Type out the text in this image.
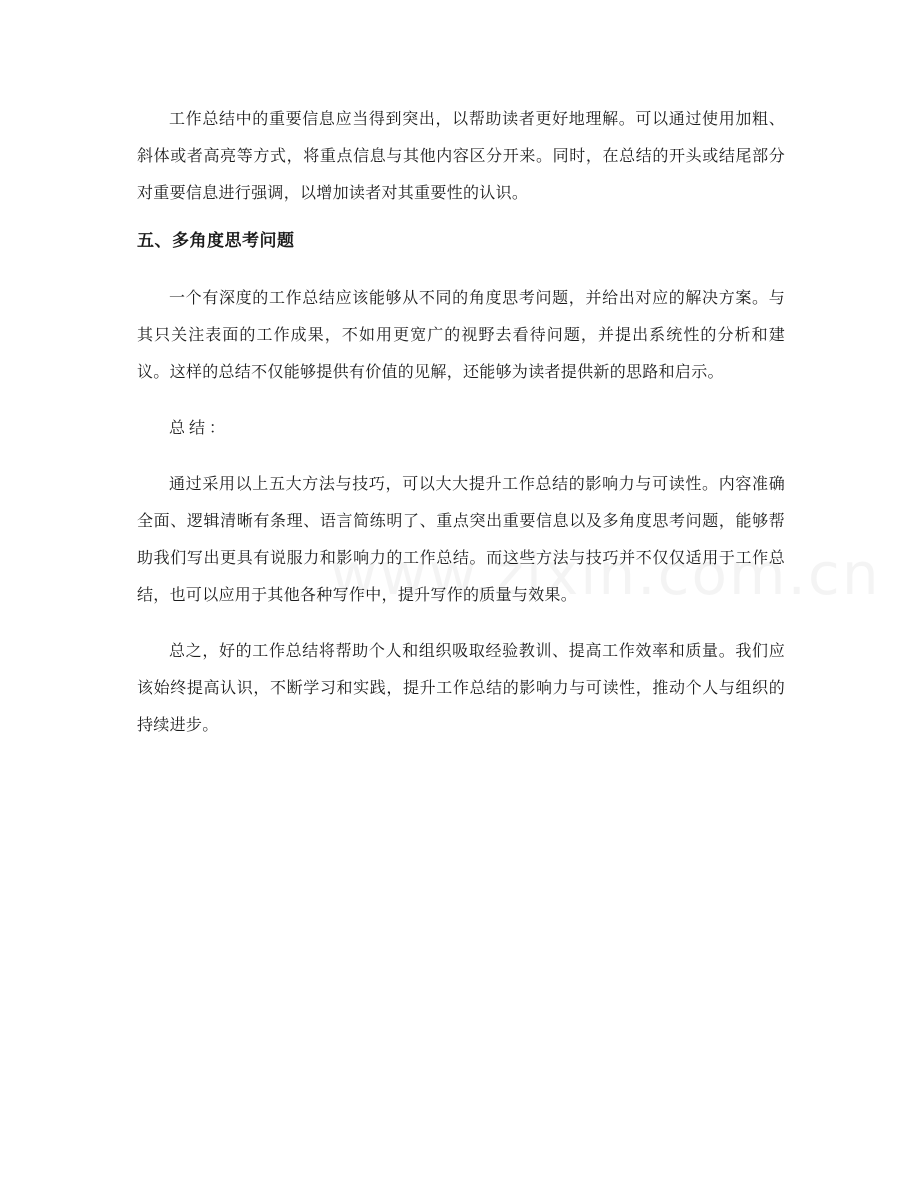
工作总结中的重要信息应当得到突出，以帮助读者更好地理解。可以通过使用加粗、斜体或者高亮等方式，将重点信息与其他内容区分开来。同时，在总结的开头或结尾部分对重要信息进行强调，以增加读者对其重要性的认识。

五、多角度思考问题

一个有深度的工作总结应该能够从不同的角度思考问题，并给出对应的解决方案。与其只关注表面的工作成果，不如用更宽广的视野去看待问题，并提出系统性的分析和建议。这样的总结不仅能够提供有价值的见解，还能够为读者提供新的思路和启示。

总结：

通过采用以上五大方法与技巧，可以大大提升工作总结的影响力与可读性。内容准确全面、逻辑清晰有条理、语言简练明了、重点突出重要信息以及多角度思考问题，能够帮助我们写出更具有说服力和影响力的工作总结。而这些方法与技巧并不仅仅适用于工作总结，也可以应用于其他各种写作中，提升写作的质量与效果。

总之，好的工作总结将帮助个人和组织吸取经验教训、提高工作效率和质量。我们应该始终提高认识，不断学习和实践，提升工作总结的影响力与可读性，推动个人与组织的持续进步。
